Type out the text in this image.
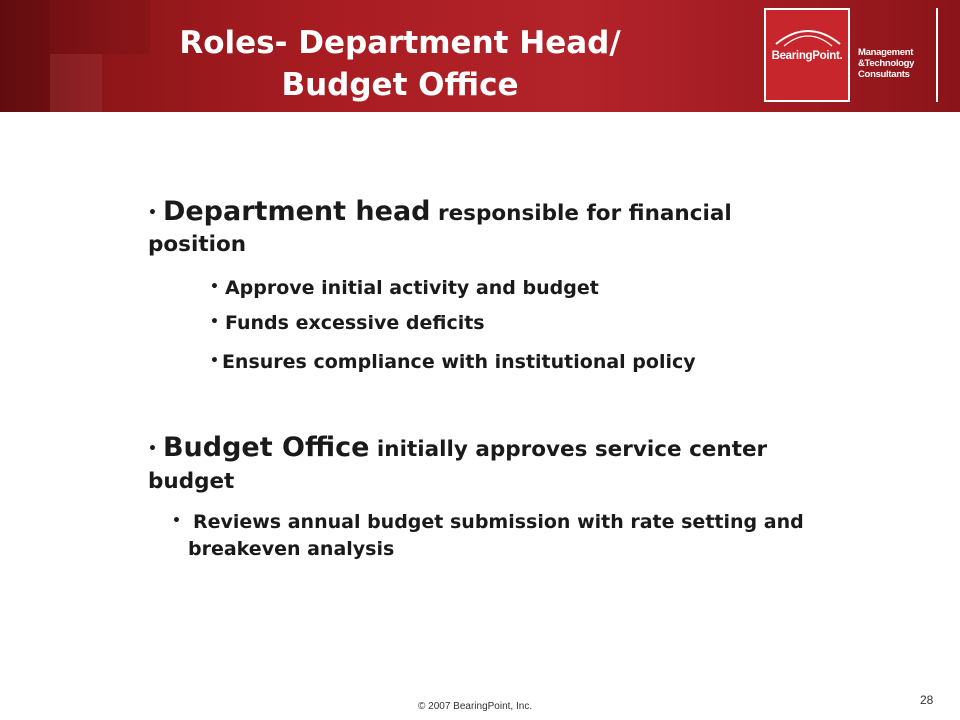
Roles- Department Head/
Budget Office
BearingPoint.	Management
&Technology
Consultants

• Department head responsible for financial

position

• Approve initial activity and budget

• Funds excessive deficits

• Ensures compliance with institutional policy

• Budget Office initially approves service center

budget

• Reviews annual budget submission with rate setting and

breakeven analysis

© 2007 BearingPoint, Inc.	28
